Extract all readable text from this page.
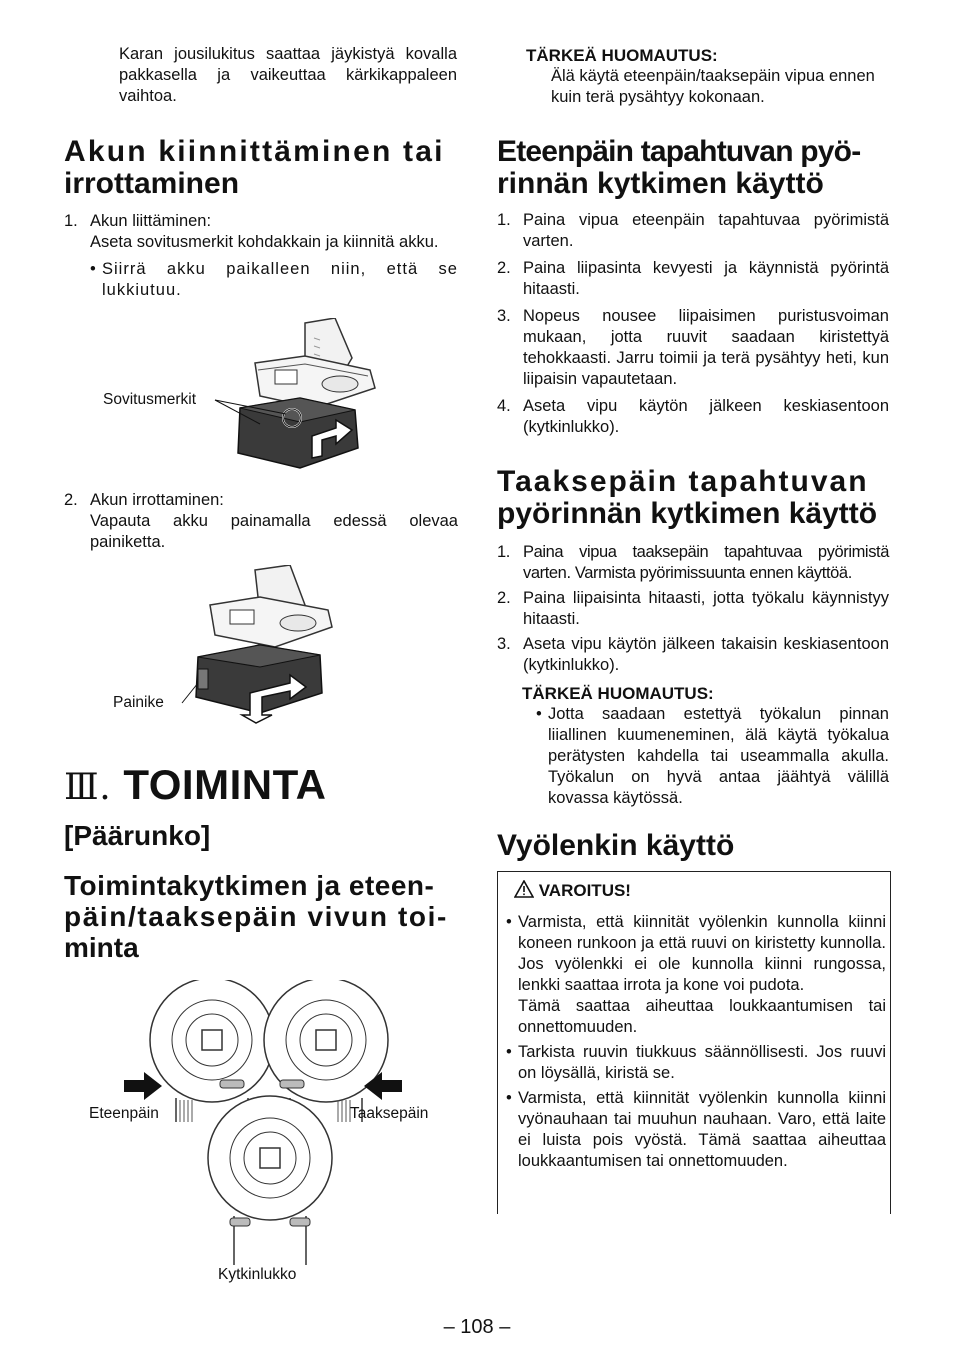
Karan jousilukitus saattaa jäykistyä kovalla pakkasella ja vaikeuttaa kärkikappaleen vaihtoa.
Akun kiinnittäminen tai
irrottaminen
1. Akun liittäminen:
Aseta sovitusmerkit kohdakkain ja kiinnitä akku.
• Siirrä akku paikalleen niin, että se lukkiutuu.
Sovitusmerkit
2. Akun irrottaminen:
Vapauta akku painamalla edessä olevaa painiketta.
Painike
Ⅲ. TOIMINTA
[Päärunko]
Toimintakytkimen ja eteen-
päin/taaksepäin vivun toi-
minta
Eteenpäin	Taaksepäin
Kytkinlukko
TÄRKEÄ HUOMAUTUS:
Älä käytä eteenpäin/taaksepäin vipua ennen kuin terä pysähtyy kokonaan.
Eteenpäin tapahtuvan pyö-
rinnän kytkimen käyttö
1. Paina vipua eteenpäin tapahtuvaa pyörimistä varten.
2. Paina liipasinta kevyesti ja käynnistä pyörintä hitaasti.
3. Nopeus nousee liipaisimen puristusvoiman mukaan, jotta ruuvit saadaan kiristettyä tehokkaasti. Jarru toimii ja terä pysähtyy heti, kun liipaisin vapautetaan.
4. Aseta vipu käytön jälkeen keskiasentoon (kytkinlukko).
Taaksepäin tapahtuvan
pyörinnän kytkimen käyttö
1. Paina vipua taaksepäin tapahtuvaa pyörimistä varten. Varmista pyörimissuunta ennen käyttöä.
2. Paina liipaisinta hitaasti, jotta työkalu käynnistyy hitaasti.
3. Aseta vipu käytön jälkeen takaisin keskiasentoon (kytkinlukko).
TÄRKEÄ HUOMAUTUS:
• Jotta saadaan estettyä työkalun pinnan liiallinen kuumeneminen, älä käytä työkalua perätysten kahdella tai useammalla akulla. Työkalun on hyvä antaa jäähtyä välillä kovassa käytössä.
Vyölenkin käyttö
VAROITUS!
• Varmista, että kiinnität vyölenkin kunnolla kiinni koneen runkoon ja että ruuvi on kiristetty kunnolla. Jos vyölenkki ei ole kunnolla kiinni rungossa, lenkki saattaa irrota ja kone voi pudota.
Tämä saattaa aiheuttaa loukkaantumisen tai onnettomuuden.
• Tarkista ruuvin tiukkuus säännöllisesti. Jos ruuvi on löysällä, kiristä se.
• Varmista, että kiinnität vyölenkin kunnolla kiinni vyönauhaan tai muuhun nauhaan. Varo, että laite ei luista pois vyöstä. Tämä saattaa aiheuttaa loukkaantumisen tai onnettomuuden.
– 108 –
